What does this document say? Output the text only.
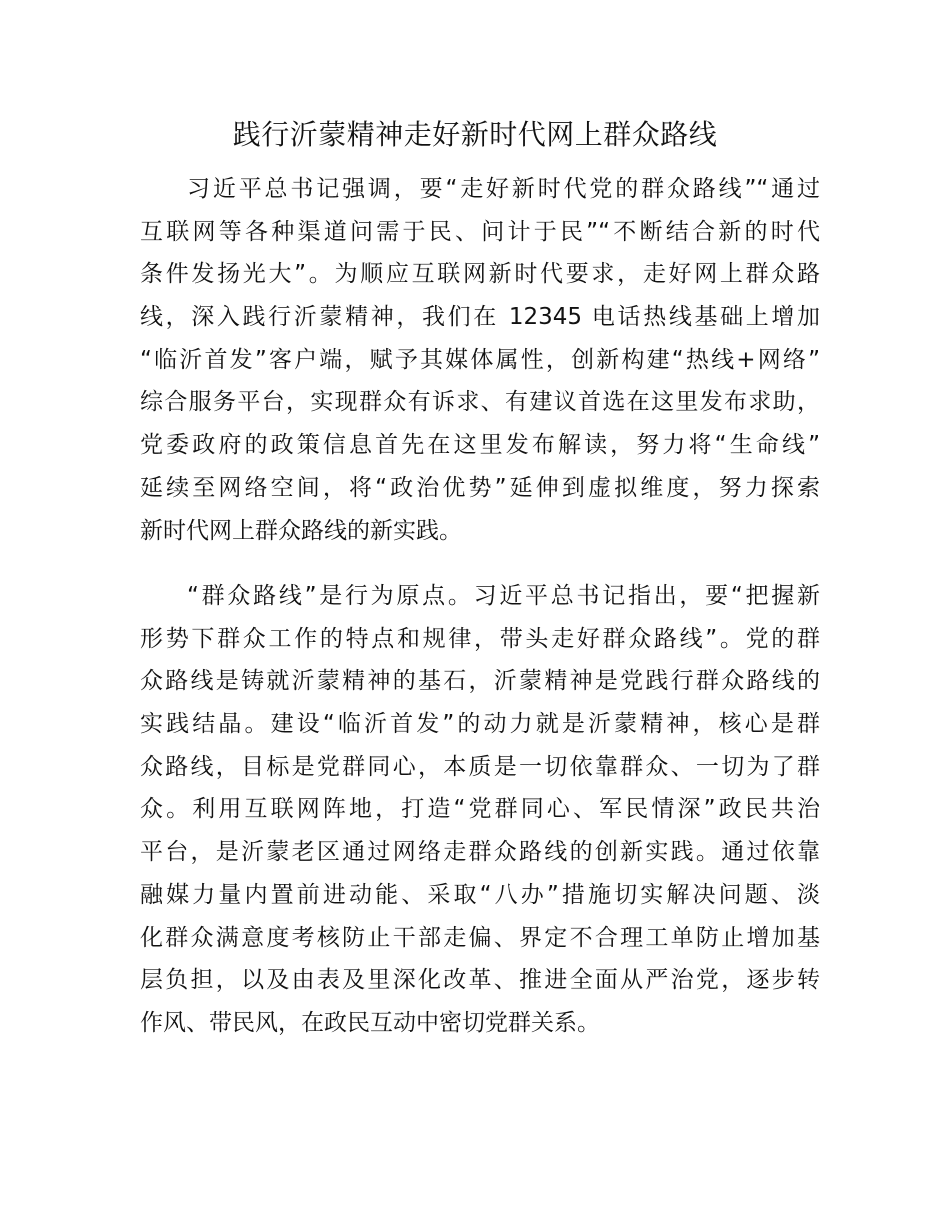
践行沂蒙精神走好新时代网上群众路线
习近平总书记强调，要“走好新时代党的群众路线”“通过
互联网等各种渠道问需于民、问计于民”“不断结合新的时代
条件发扬光大”。为顺应互联网新时代要求，走好网上群众路
线，深入践行沂蒙精神，我们在 12345 电话热线基础上增加
“临沂首发”客户端，赋予其媒体属性，创新构建“热线+网络”
综合服务平台，实现群众有诉求、有建议首选在这里发布求助，
党委政府的政策信息首先在这里发布解读，努力将“生命线”
延续至网络空间，将“政治优势”延伸到虚拟维度，努力探索
新时代网上群众路线的新实践。
“群众路线”是行为原点。习近平总书记指出，要“把握新
形势下群众工作的特点和规律，带头走好群众路线”。党的群
众路线是铸就沂蒙精神的基石，沂蒙精神是党践行群众路线的
实践结晶。建设“临沂首发”的动力就是沂蒙精神，核心是群
众路线，目标是党群同心，本质是一切依靠群众、一切为了群
众。利用互联网阵地，打造“党群同心、军民情深”政民共治
平台，是沂蒙老区通过网络走群众路线的创新实践。通过依靠
融媒力量内置前进动能、采取“八办”措施切实解决问题、淡
化群众满意度考核防止干部走偏、界定不合理工单防止增加基
层负担，以及由表及里深化改革、推进全面从严治党，逐步转
作风、带民风，在政民互动中密切党群关系。
